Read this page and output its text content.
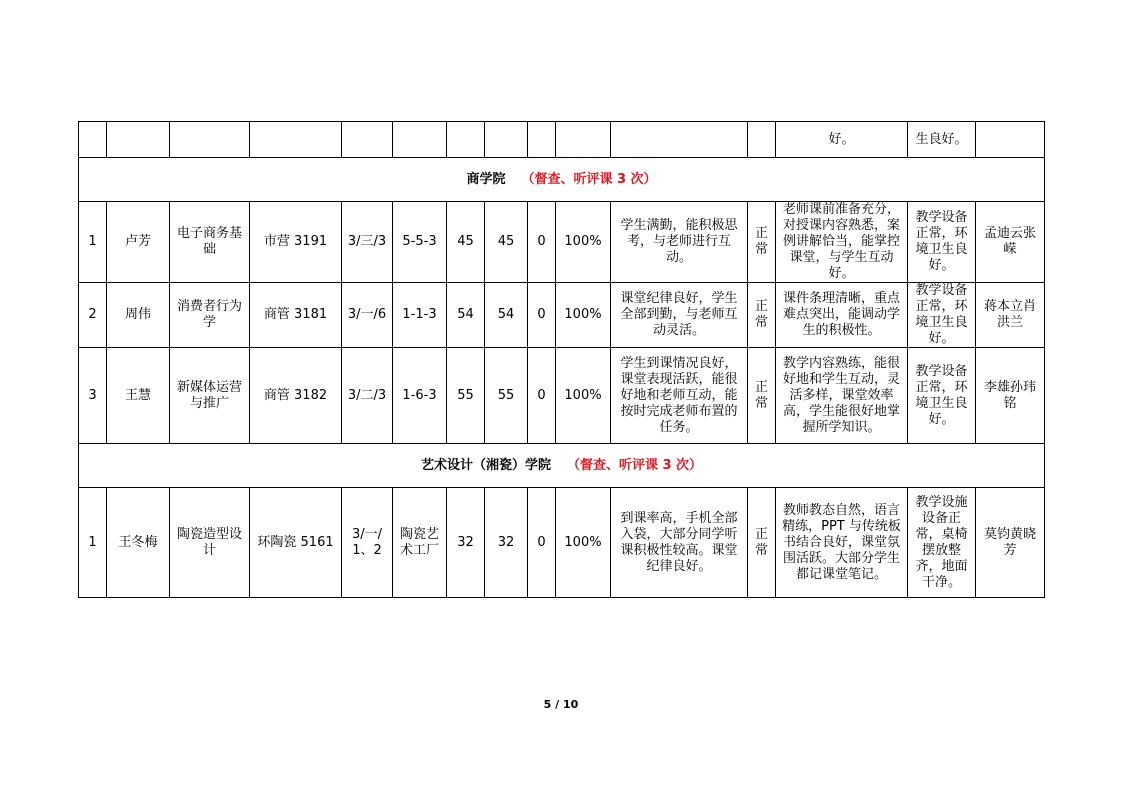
												好。	生良好。	
商学院 （督查、听评课 3 次）														
1	卢芳	电子商务基础	市营 3191	3/三/3	5-5-3	45	45	0	100%	学生满勤，能积极思考，与老师进行互动。	正常	老师课前准备充分，对授课内容熟悉，案例讲解恰当，能掌控课堂，与学生互动好。	教学设备正常，环境卫生良好。	孟迪云张嵘
2	周伟	消费者行为学	商管 3181	3/一/6	1-1-3	54	54	0	100%	课堂纪律良好，学生全部到勤，与老师互动灵活。	正常	课件条理清晰，重点难点突出，能调动学生的积极性。	教学设备正常，环境卫生良好。	蒋本立肖洪兰
3	王慧	新媒体运营与推广	商管 3182	3/二/3	1-6-3	55	55	0	100%	学生到课情况良好，课堂表现活跃，能很好地和老师互动，能按时完成老师布置的任务。	正常	教学内容熟练，能很好地和学生互动，灵活多样，课堂效率高，学生能很好地掌握所学知识。	教学设备正常，环境卫生良好。	李雄孙玮铭
艺术设计（湘瓷）学院 （督查、听评课 3 次）														
1	王冬梅	陶瓷造型设计	环陶瓷 5161	3/一/1、2	陶瓷艺术工厂	32	32	0	100%	到课率高，手机全部入袋，大部分同学听课积极性较高。课堂纪律良好。	正常	教师教态自然，语言精练，PPT 与传统板书结合良好，课堂氛围活跃。大部分学生都记课堂笔记。	教学设施设备正常，桌椅摆放整齐，地面干净。	莫钧黄晓芳
5 / 10
